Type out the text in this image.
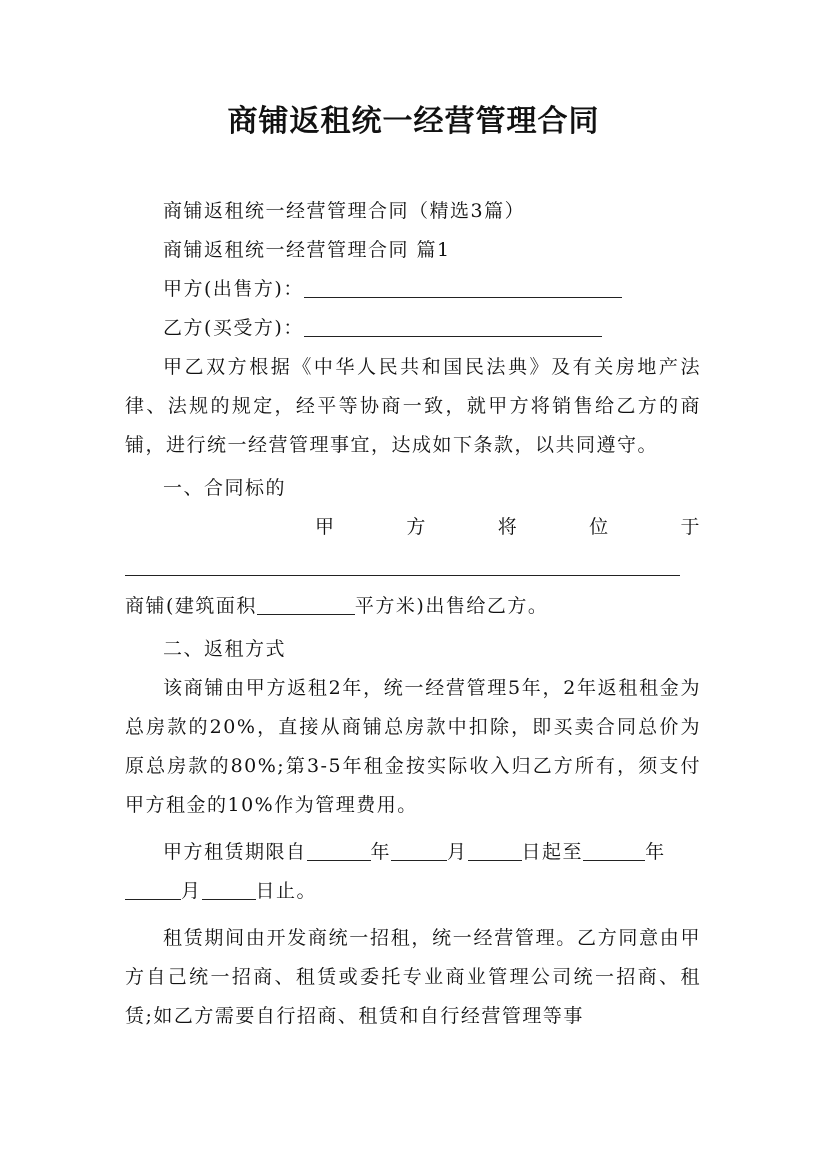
商铺返租统一经营管理合同

商铺返租统一经营管理合同（精选3篇）

商铺返租统一经营管理合同 篇1

甲方(出售方)：

乙方(买受方)：

甲乙双方根据《中华人民共和国民法典》及有关房地产法律、法规的规定，经平等协商一致，就甲方将销售给乙方的商铺，进行统一经营管理事宜，达成如下条款，以共同遵守。

一、合同标的

甲	方	将	位	于

商铺(建筑面积	平方米)出售给乙方。

二、返租方式

该商铺由甲方返租2年，统一经营管理5年，2年返租租金为总房款的20%，直接从商铺总房款中扣除，即买卖合同总价为原总房款的80%;第3-5年租金按实际收入归乙方所有，须支付甲方租金的10%作为管理费用。

甲方租赁期限自	年	月	日起至	年

月	日止。

租赁期间由开发商统一招租，统一经营管理。乙方同意由甲方自己统一招商、租赁或委托专业商业管理公司统一招商、租赁;如乙方需要自行招商、租赁和自行经营管理等事
